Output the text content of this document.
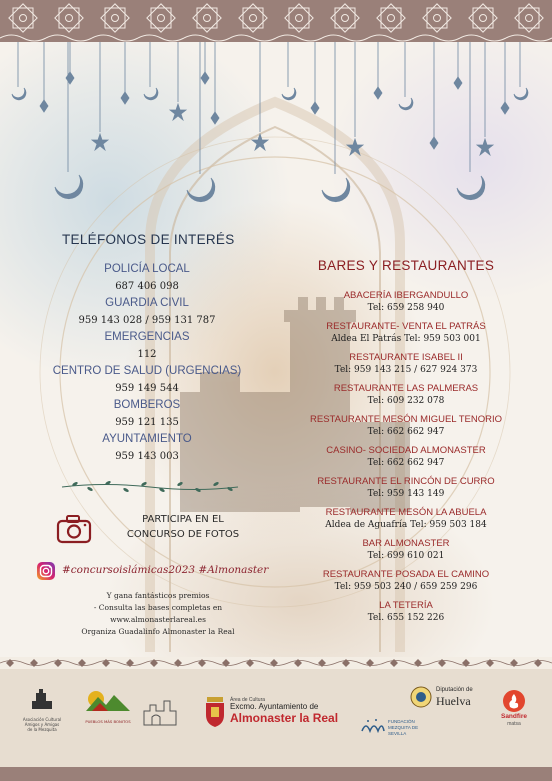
TELÉFONOS DE INTERÉS
POLICÍA LOCAL
687 406 098
GUARDIA CIVIL
959 143 028 / 959 131 787
EMERGENCIAS
112
CENTRO DE SALUD (URGENCIAS)
959 149 544
BOMBEROS
959 121 135
AYUNTAMIENTO
959 143 003
BARES Y RESTAURANTES
ABACERÍA IBERGANDULLO
Tel: 659 258 940
RESTAURANTE- VENTA EL PATRÁS
Aldea El Patrás Tel: 959 503 001
RESTAURANTE ISABEL II
Tel: 959 143 215 / 627 924 373
RESTAURANTE LAS PALMERAS
Tel: 609 232 078
RESTAURANTE MESÓN MIGUEL TENORIO
Tel: 662 662 947
CASINO- SOCIEDAD ALMONASTER
Tel: 662 662 947
RESTAURANTE EL RINCÓN DE CURRO
Tel: 959 143 149
RESTAURANTE MESÓN LA ABUELA
Aldea de Aguafría Tel: 959 503 184
BAR ALMONASTER
Tel: 699 610 021
RESTAURANTE POSADA EL CAMINO
Tel: 959 503 240 / 659 259 296
LA TETERÍA
Tel. 655 152 226
PARTICIPA EN EL
CONCURSO DE FOTOS
#concursoislámicas2023 #Almonaster
Y gana fantásticos premios
- Consulta las bases completas en
www.almonasterlareal.es
Organiza Guadalinfo Almonaster la Real
Asociación Cultural Amigos y Amigas de la Mezquita
PUEBLOS MÁS BONITOS
Área de Cultura
Excmo. Ayuntamiento de
Almonaster la Real
Diputación de
Huelva
FUNDACIÓN MEZQUITA DE SEVILLA
Sandfire
matsa
